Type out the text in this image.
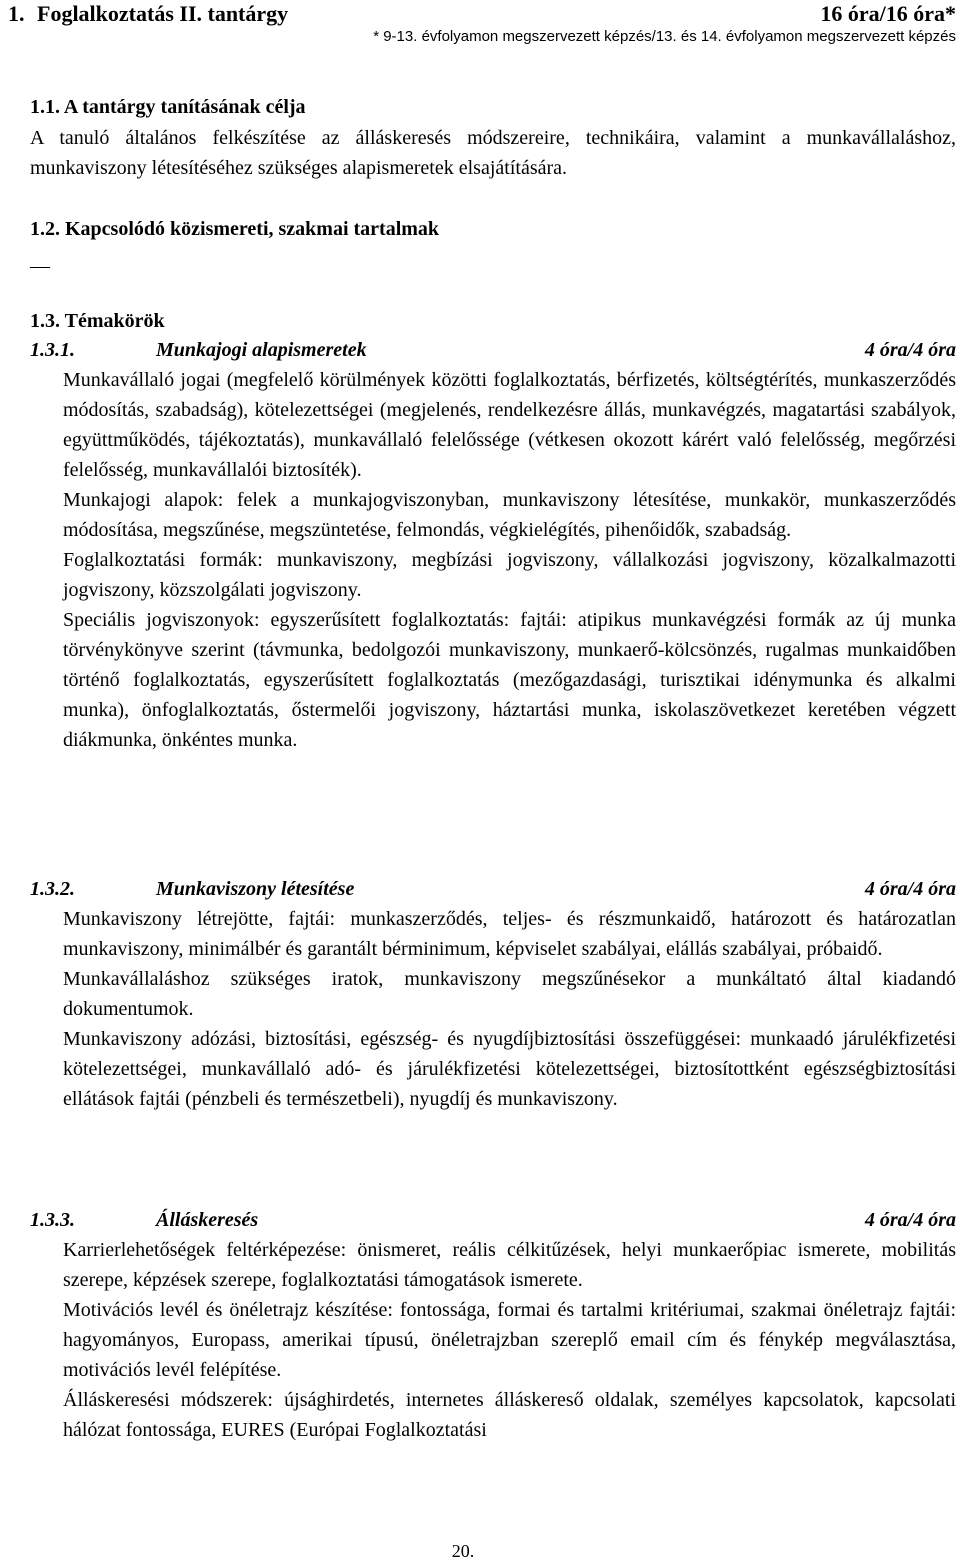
1. Foglalkoztatás II. tantárgy	16 óra/16 óra*
* 9-13. évfolyamon megszervezett képzés/13. és 14. évfolyamon megszervezett képzés
1.1. A tantárgy tanításának célja

A tanuló általános felkészítése az álláskeresés módszereire, technikáira, valamint a munkavállaláshoz, munkaviszony létesítéséhez szükséges alapismeretek elsajátítására.

1.2. Kapcsolódó közismereti, szakmai tartalmak
—
1.3. Témakörök
1.3.1.	Munkajogi alapismeretek	4 óra/4 óra

Munkavállaló jogai (megfelelő körülmények közötti foglalkoztatás, bérfizetés, költségtérítés, munkaszerződés módosítás, szabadság), kötelezettségei (megjelenés, rendelkezésre állás, munkavégzés, magatartási szabályok, együttműködés, tájékoztatás), munkavállaló felelőssége (vétkesen okozott kárért való felelősség, megőrzési felelősség, munkavállalói biztosíték).

Munkajogi alapok: felek a munkajogviszonyban, munkaviszony létesítése, munkakör, munkaszerződés módosítása, megszűnése, megszüntetése, felmondás, végkielégítés, pihenőidők, szabadság.

Foglalkoztatási formák: munkaviszony, megbízási jogviszony, vállalkozási jogviszony, közalkalmazotti jogviszony, közszolgálati jogviszony.

Speciális jogviszonyok: egyszerűsített foglalkoztatás: fajtái: atipikus munkavégzési formák az új munka törvénykönyve szerint (távmunka, bedolgozói munkaviszony, munkaerő-kölcsönzés, rugalmas munkaidőben történő foglalkoztatás, egyszerűsített foglalkoztatás (mezőgazdasági, turisztikai idénymunka és alkalmi munka), önfoglalkoztatás, őstermelői jogviszony, háztartási munka, iskolaszövetkezet keretében végzett diákmunka, önkéntes munka.

1.3.2.	Munkaviszony létesítése	4 óra/4 óra

Munkaviszony létrejötte, fajtái: munkaszerződés, teljes- és részmunkaidő, határozott és határozatlan munkaviszony, minimálbér és garantált bérminimum, képviselet szabályai, elállás szabályai, próbaidő.

Munkavállaláshoz szükséges iratok, munkaviszony megszűnésekor a munkáltató által kiadandó dokumentumok.

Munkaviszony adózási, biztosítási, egészség- és nyugdíjbiztosítási összefüggései: munkaadó járulékfizetési kötelezettségei, munkavállaló adó- és járulékfizetési kötelezettségei, biztosítottként egészségbiztosítási ellátások fajtái (pénzbeli és természetbeli), nyugdíj és munkaviszony.

1.3.3.	Álláskeresés	4 óra/4 óra

Karrierlehetőségek feltérképezése: önismeret, reális célkitűzések, helyi munkaerőpiac ismerete, mobilitás szerepe, képzések szerepe, foglalkoztatási támogatások ismerete.

Motivációs levél és önéletrajz készítése: fontossága, formai és tartalmi kritériumai, szakmai önéletrajz fajtái: hagyományos, Europass, amerikai típusú, önéletrajzban szereplő email cím és fénykép megválasztása, motivációs levél felépítése.

Álláskeresési módszerek: újsághirdetés, internetes álláskereső oldalak, személyes kapcsolatok, kapcsolati hálózat fontossága, EURES (Európai Foglalkoztatási

20.
